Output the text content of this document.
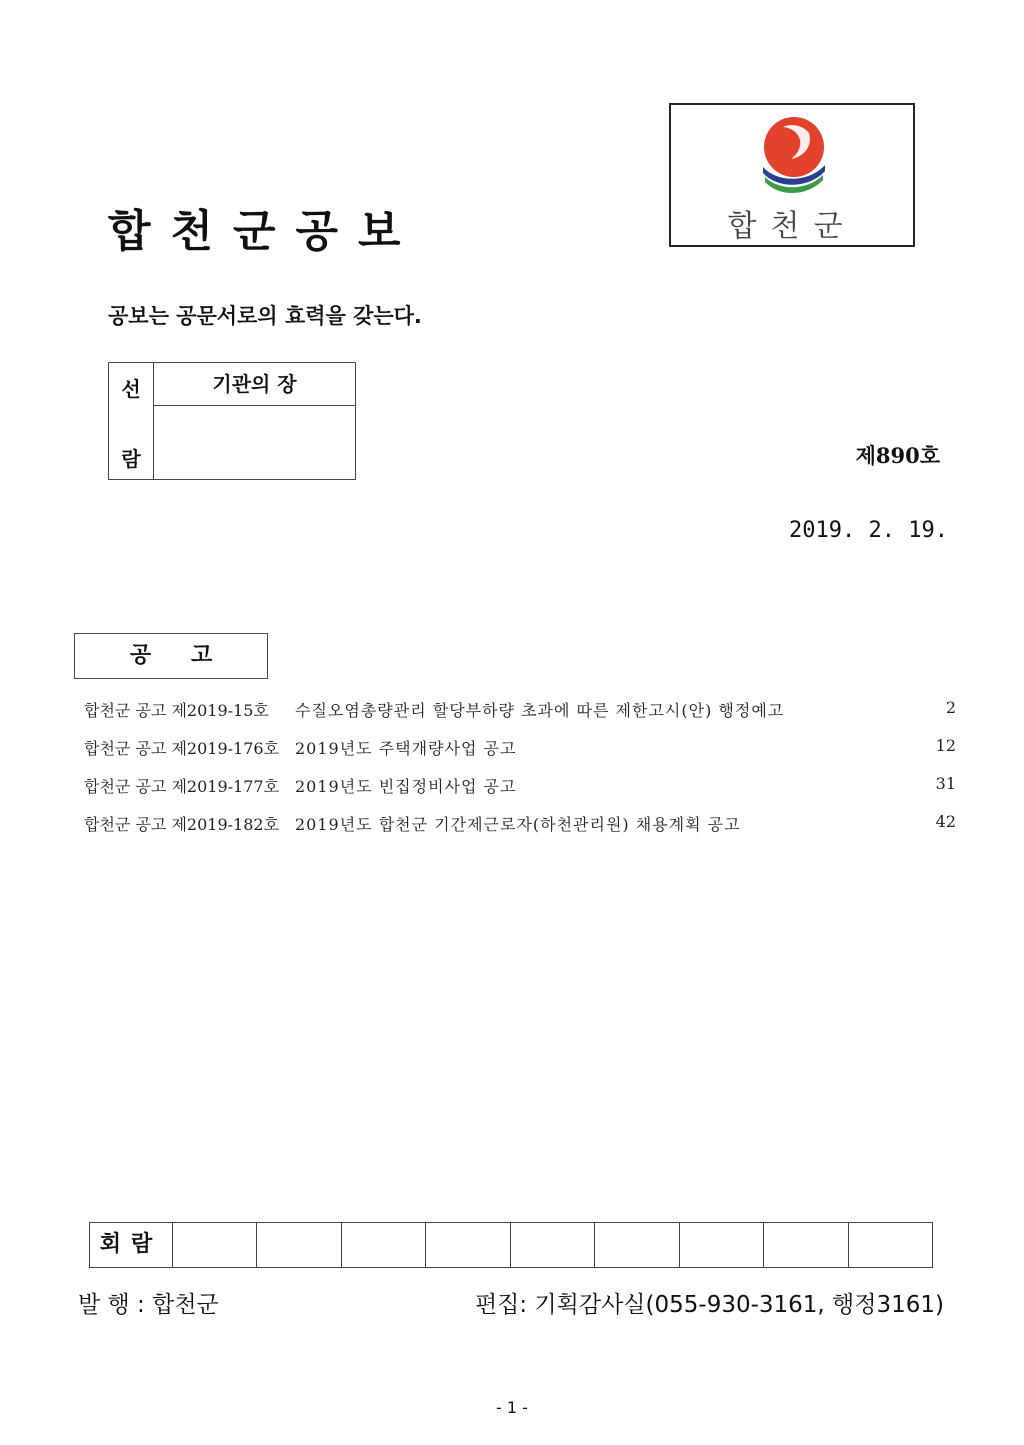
합천군공보	합천군
공보는 공문서로의 효력을 갖는다.
선
람
기관의 장
제890호
2019. 2. 19.
공고
합천군 공고 제2019-15호 수질오염총량관리 할당부하량 초과에 따른 제한고시(안) 행정예고	2
합천군 공고 제2019-176호 2019년도 주택개량사업 공고	12
합천군 공고 제2019-177호 2019년도 빈집정비사업 공고	31
합천군 공고 제2019-182호 2019년도 합천군 기간제근로자(하천관리원) 채용계획 공고	42
회람
발 행 : 합천군	편집: 기획감사실(055-930-3161, 행정3161)
- 1 -
